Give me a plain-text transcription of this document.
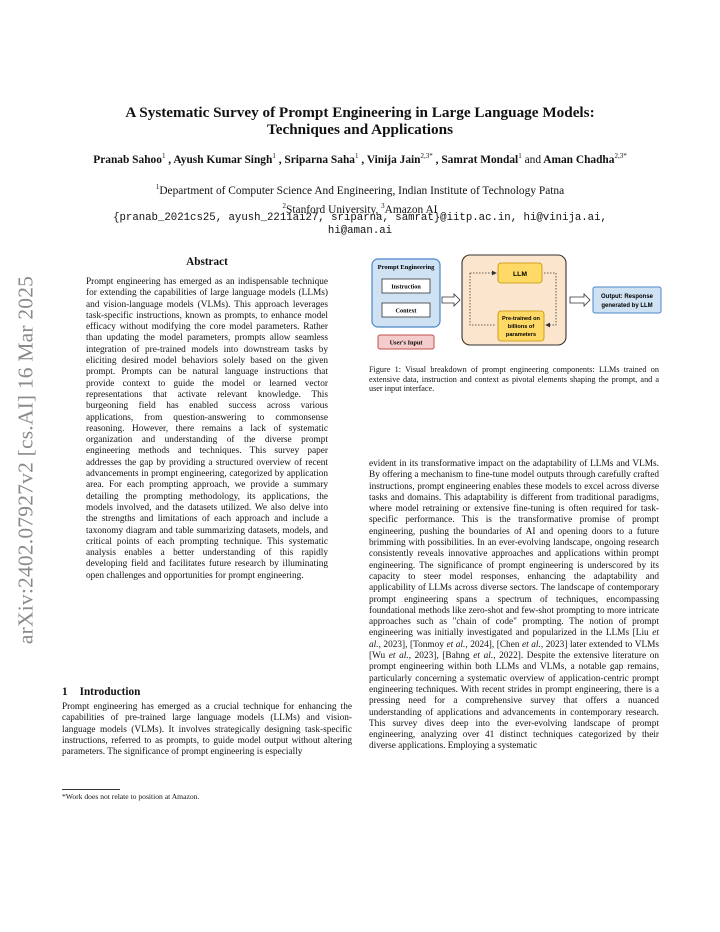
arXiv:2402.07927v2 [cs.AI] 16 Mar 2025
A Systematic Survey of Prompt Engineering in Large Language Models:
Techniques and Applications
Pranab Sahoo$^1$ , Ayush Kumar Singh$^1$ , Sriparna Saha$^1$ , Vinija Jain$^{2,3*}$ , Samrat Mondal$^1$ and Aman Chadha$^{2,3*}$
$^1$Department of Computer Science And Engineering, Indian Institute of Technology Patna
$^2$Stanford University, $^3$Amazon AI
{pranab_2021cs25, ayush_2211ai27, sriparna, samrat}@iitp.ac.in, hi@vinija.ai,
hi@aman.ai
Abstract
Prompt engineering has emerged as an indispensable technique for extending the capabilities of large language models (LLMs) and vision-language models (VLMs). This approach leverages task-specific instructions, known as prompts, to enhance model efficacy without modifying the core model parameters. Rather than updating the model parameters, prompts allow seamless integration of pre-trained models into downstream tasks by eliciting desired model behaviors solely based on the given prompt. Prompts can be natural language instructions that provide context to guide the model or learned vector representations that activate relevant knowledge. This burgeoning field has enabled success across various applications, from question-answering to commonsense reasoning. However, there remains a lack of systematic organization and understanding of the diverse prompt engineering methods and techniques. This survey paper addresses the gap by providing a structured overview of recent advancements in prompt engineering, categorized by application area. For each prompting approach, we provide a summary detailing the prompting methodology, its applications, the models involved, and the datasets utilized. We also delve into the strengths and limitations of each approach and include a taxonomy diagram and table summarizing datasets, models, and critical points of each prompting technique. This systematic analysis enables a better understanding of this rapidly developing field and facilitates future research by illuminating open challenges and opportunities for prompt engineering.
1 Introduction
Prompt engineering has emerged as a crucial technique for enhancing the capabilities of pre-trained large language models (LLMs) and vision-language models (VLMs). It involves strategically designing task-specific instructions, referred to as prompts, to guide model output without altering parameters. The significance of prompt engineering is especially
*Work does not relate to position at Amazon.
Prompt Engineering
Instruction
Context
User's Input
LLM
Pre-trained on
billions of
parameters
Output: Response
generated by LLM
Figure 1: Visual breakdown of prompt engineering components: LLMs trained on extensive data, instruction and context as pivotal elements shaping the prompt, and a user input interface.
evident in its transformative impact on the adaptability of LLMs and VLMs. By offering a mechanism to fine-tune model outputs through carefully crafted instructions, prompt engineering enables these models to excel across diverse tasks and domains. This adaptability is different from traditional paradigms, where model retraining or extensive fine-tuning is often required for task-specific performance. This is the transformative promise of prompt engineering, pushing the boundaries of AI and opening doors to a future brimming with possibilities. In an ever-evolving landscape, ongoing research consistently reveals innovative approaches and applications within prompt engineering. The significance of prompt engineering is underscored by its capacity to steer model responses, enhancing the adaptability and applicability of LLMs across diverse sectors. The landscape of contemporary prompt engineering spans a spectrum of techniques, encompassing foundational methods like zero-shot and few-shot prompting to more intricate approaches such as "chain of code" prompting. The notion of prompt engineering was initially investigated and popularized in the LLMs [Liu et al., 2023], [Tonmoy et al., 2024], [Chen et al., 2023] later extended to VLMs [Wu et al., 2023], [Bahng et al., 2022]. Despite the extensive literature on prompt engineering within both LLMs and VLMs, a notable gap remains, particularly concerning a systematic overview of application-centric prompt engineering techniques. With recent strides in prompt engineering, there is a pressing need for a comprehensive survey that offers a nuanced understanding of applications and advancements in contemporary research. This survey dives deep into the ever-evolving landscape of prompt engineering, analyzing over 41 distinct techniques categorized by their diverse applications. Employing a systematic
